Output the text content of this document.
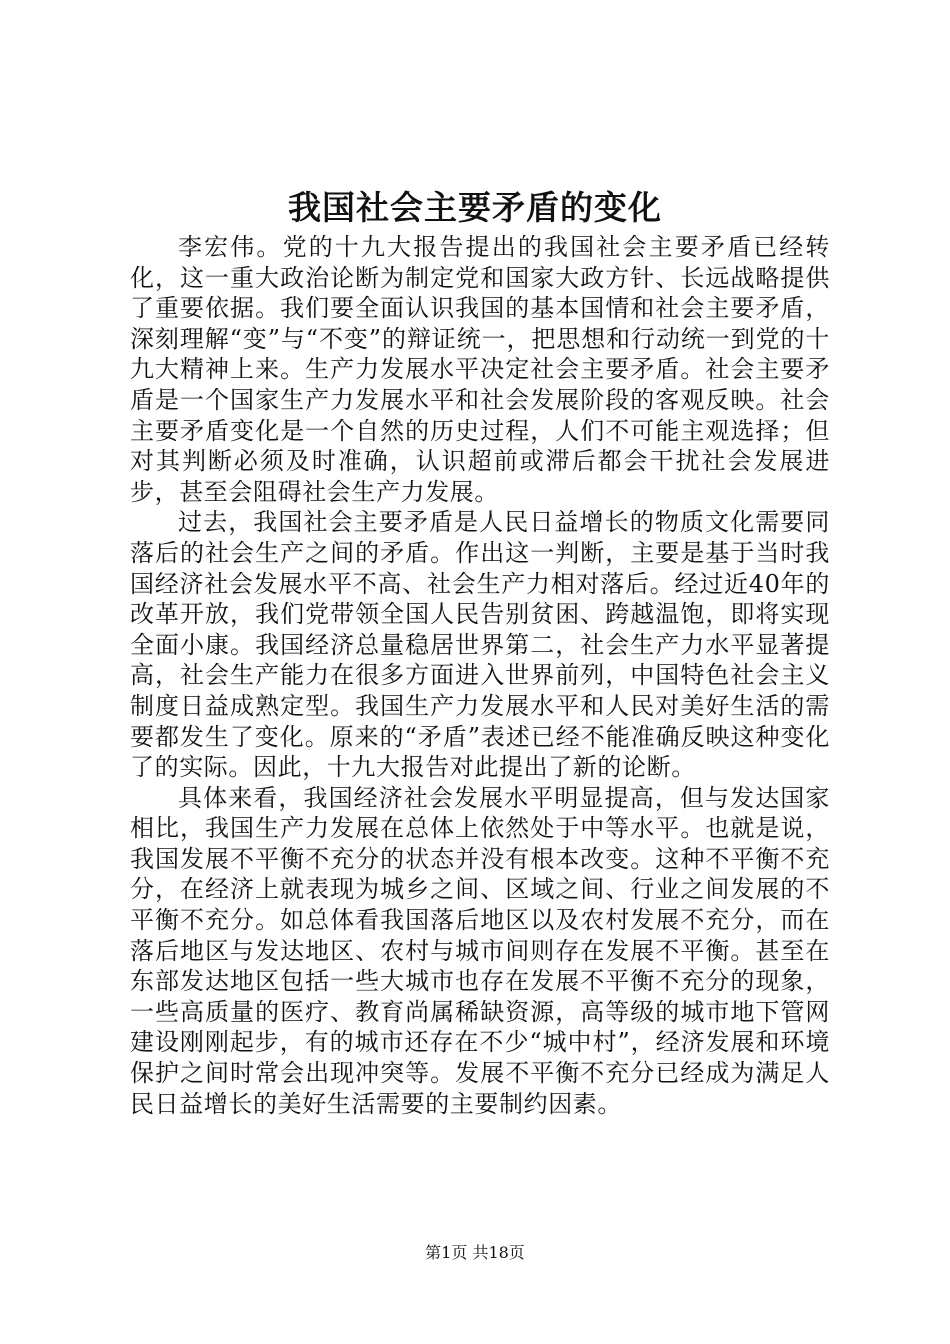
我国社会主要矛盾的变化

李宏伟。党的十九大报告提出的我国社会主要矛盾已经转化，这一重大政治论断为制定党和国家大政方针、长远战略提供了重要依据。我们要全面认识我国的基本国情和社会主要矛盾，深刻理解“变”与“不变”的辩证统一，把思想和行动统一到党的十九大精神上来。生产力发展水平决定社会主要矛盾。社会主要矛盾是一个国家生产力发展水平和社会发展阶段的客观反映。社会主要矛盾变化是一个自然的历史过程，人们不可能主观选择；但对其判断必须及时准确，认识超前或滞后都会干扰社会发展进步，甚至会阻碍社会生产力发展。

过去，我国社会主要矛盾是人民日益增长的物质文化需要同落后的社会生产之间的矛盾。作出这一判断，主要是基于当时我国经济社会发展水平不高、社会生产力相对落后。经过近40年的改革开放，我们党带领全国人民告别贫困、跨越温饱，即将实现全面小康。我国经济总量稳居世界第二，社会生产力水平显著提高，社会生产能力在很多方面进入世界前列，中国特色社会主义制度日益成熟定型。我国生产力发展水平和人民对美好生活的需要都发生了变化。原来的“矛盾”表述已经不能准确反映这种变化了的实际。因此，十九大报告对此提出了新的论断。

具体来看，我国经济社会发展水平明显提高，但与发达国家相比，我国生产力发展在总体上依然处于中等水平。也就是说，我国发展不平衡不充分的状态并没有根本改变。这种不平衡不充分，在经济上就表现为城乡之间、区域之间、行业之间发展的不平衡不充分。如总体看我国落后地区以及农村发展不充分，而在落后地区与发达地区、农村与城市间则存在发展不平衡。甚至在东部发达地区包括一些大城市也存在发展不平衡不充分的现象，一些高质量的医疗、教育尚属稀缺资源，高等级的城市地下管网建设刚刚起步，有的城市还存在不少“城中村”，经济发展和环境保护之间时常会出现冲突等。发展不平衡不充分已经成为满足人民日益增长的美好生活需要的主要制约因素。

第1页 共18页
